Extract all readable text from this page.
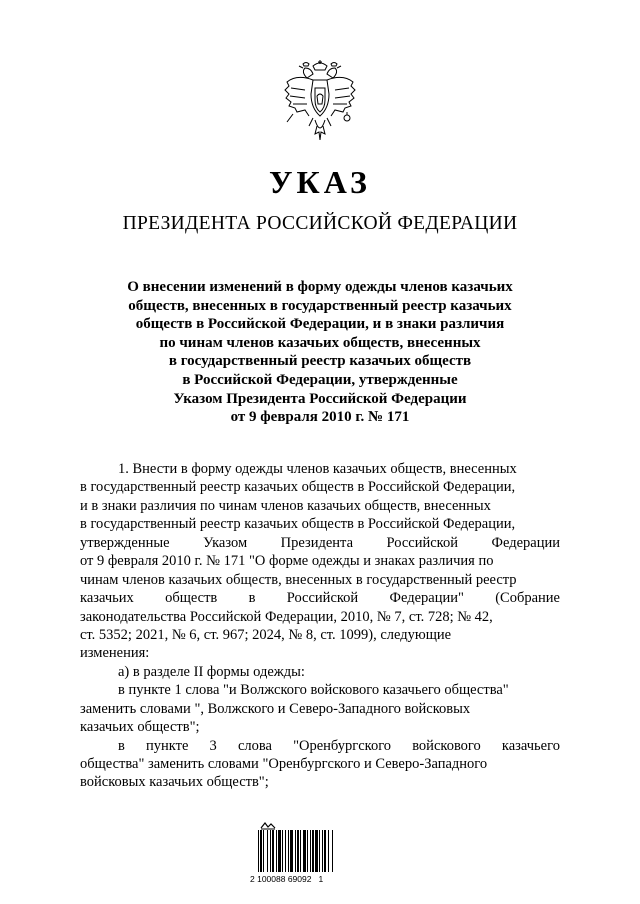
УКАЗ
ПРЕЗИДЕНТА РОССИЙСКОЙ ФЕДЕРАЦИИ
О внесении изменений в форму одежды членов казачьих
обществ, внесенных в государственный реестр казачьих
обществ в Российской Федерации, и в знаки различия
по чинам членов казачьих обществ, внесенных
в государственный реестр казачьих обществ
в Российской Федерации, утвержденные
Указом Президента Российской Федерации
от 9 февраля 2010 г. № 171
1. Внести в форму одежды членов казачьих обществ, внесенных
в государственный реестр казачьих обществ в Российской Федерации,
и в знаки различия по чинам членов казачьих обществ, внесенных
в государственный реестр казачьих обществ в Российской Федерации,
утвержденные Указом Президента Российской Федерации
от 9 февраля 2010 г. № 171 "О форме одежды и знаках различия по
чинам членов казачьих обществ, внесенных в государственный реестр
казачьих обществ в Российской Федерации" (Собрание
законодательства Российской Федерации, 2010, № 7, ст. 728; № 42,
ст. 5352; 2021, № 6, ст. 967; 2024, № 8, ст. 1099), следующие
изменения:
а) в разделе II формы одежды:
в пункте 1 слова "и Волжского войскового казачьего общества"
заменить словами ", Волжского и Северо-Западного войсковых
казачьих обществ";
в пункте 3 слова "Оренбургского войскового казачьего
общества" заменить словами "Оренбургского и Северо-Западного
войсковых казачьих обществ";
2 100088 69092   1
